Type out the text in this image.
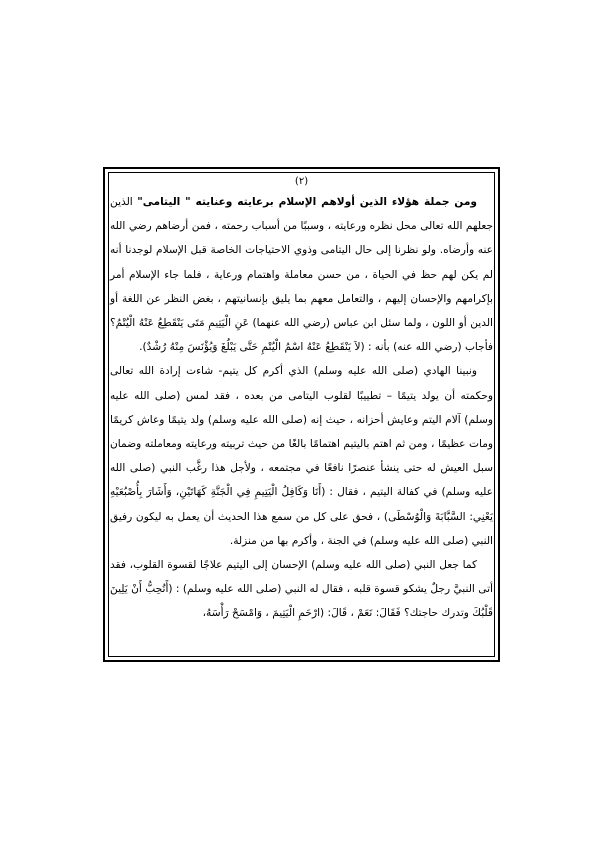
(٢)

ومن جملة هؤلاء الذين أولاهم الإسلام برعايته وعنايته " اليتامى" الذين جعلهم الله تعالى محل نظره ورعايته ، وسببًا من أسباب رحمته ، فمن أرضاهم رضي الله عنه وأرضاه. ولو نظرنا إلى حال اليتامى وذوي الاحتياجات الخاصة قبل الإسلام لوجدنا أنه لم يكن لهم حظ في الحياة ، من حسن معاملة واهتمام ورعاية ، فلما جاء الإسلام أمر بإكرامهم والإحسان إليهم ، والتعامل معهم بما يليق بإنسانيتهم ، بغض النظر عن اللغة أو الدين أو اللون ، ولما سئل ابن عباس (رضي الله عنهما) عَنِ الْيَتِيمِ مَتَى يَنْقَطِعُ عَنْهُ الْيُتْمُ؟ فأجاب (رضي الله عنه) بأنه : (لاَ يَنْقَطِعُ عَنْهُ اسْمُ الْيُتْمِ حَتَّى يَبْلُغَ وَيُؤْنَسَ مِنْهُ رُشْدٌ).

ونبينا الهادي (صلى الله عليه وسلم) الذي أكرم كل يتيم- شاءت إرادة الله تعالى وحكمته أن يولد يتيمًا – تطييبًا لقلوب اليتامى من بعده ، فقد لمس (صلى الله عليه وسلم) آلام اليتم وعايش أحزانه ، حيث إنه (صلى الله عليه وسلم) ولد يتيمًا وعاش كريمًا ومات عظيمًا ، ومن ثم اهتم باليتيم اهتمامًا بالغًا من حيث تربيته ورعايته ومعاملته وضمان سبل العيش له حتى ينشأ عنصرًا نافعًا في مجتمعه ، ولأجل هذا رغَّب النبي (صلى الله عليه وسلم) في كفالة اليتيم ، فقال : (أَنَا وَكَافِلُ الْيَتِيمِ فِي الْجَنَّةِ كَهَاتَيْنِ، وَأَشَارَ بِأُصْبُعَيْهِ يَعْنِي: السَّبَّابَةَ وَالْوُسْطَى) ، فحق على كل من سمع هذا الحديث أن يعمل به ليكون رفيق النبي (صلى الله عليه وسلم) في الجنة ، وأكرم بها من منزلة.

كما جعل النبي (صلى الله عليه وسلم) الإحسان إلى اليتيم علاجًا لقسوة القلوب، فقد أتى النبيَّ رجلٌ يشكو قسوة قلبه ، فقال له النبي (صلى الله عليه وسلم) : (أَتُحِبُّ أَنْ يَلِينَ قَلْبُكَ وتدرك حاجتك؟ فَقَالَ: نَعَمْ ، قَالَ: (ارْحَمِ الْيَتِيمَ ، وَامْسَحْ رَأْسَهُ،
